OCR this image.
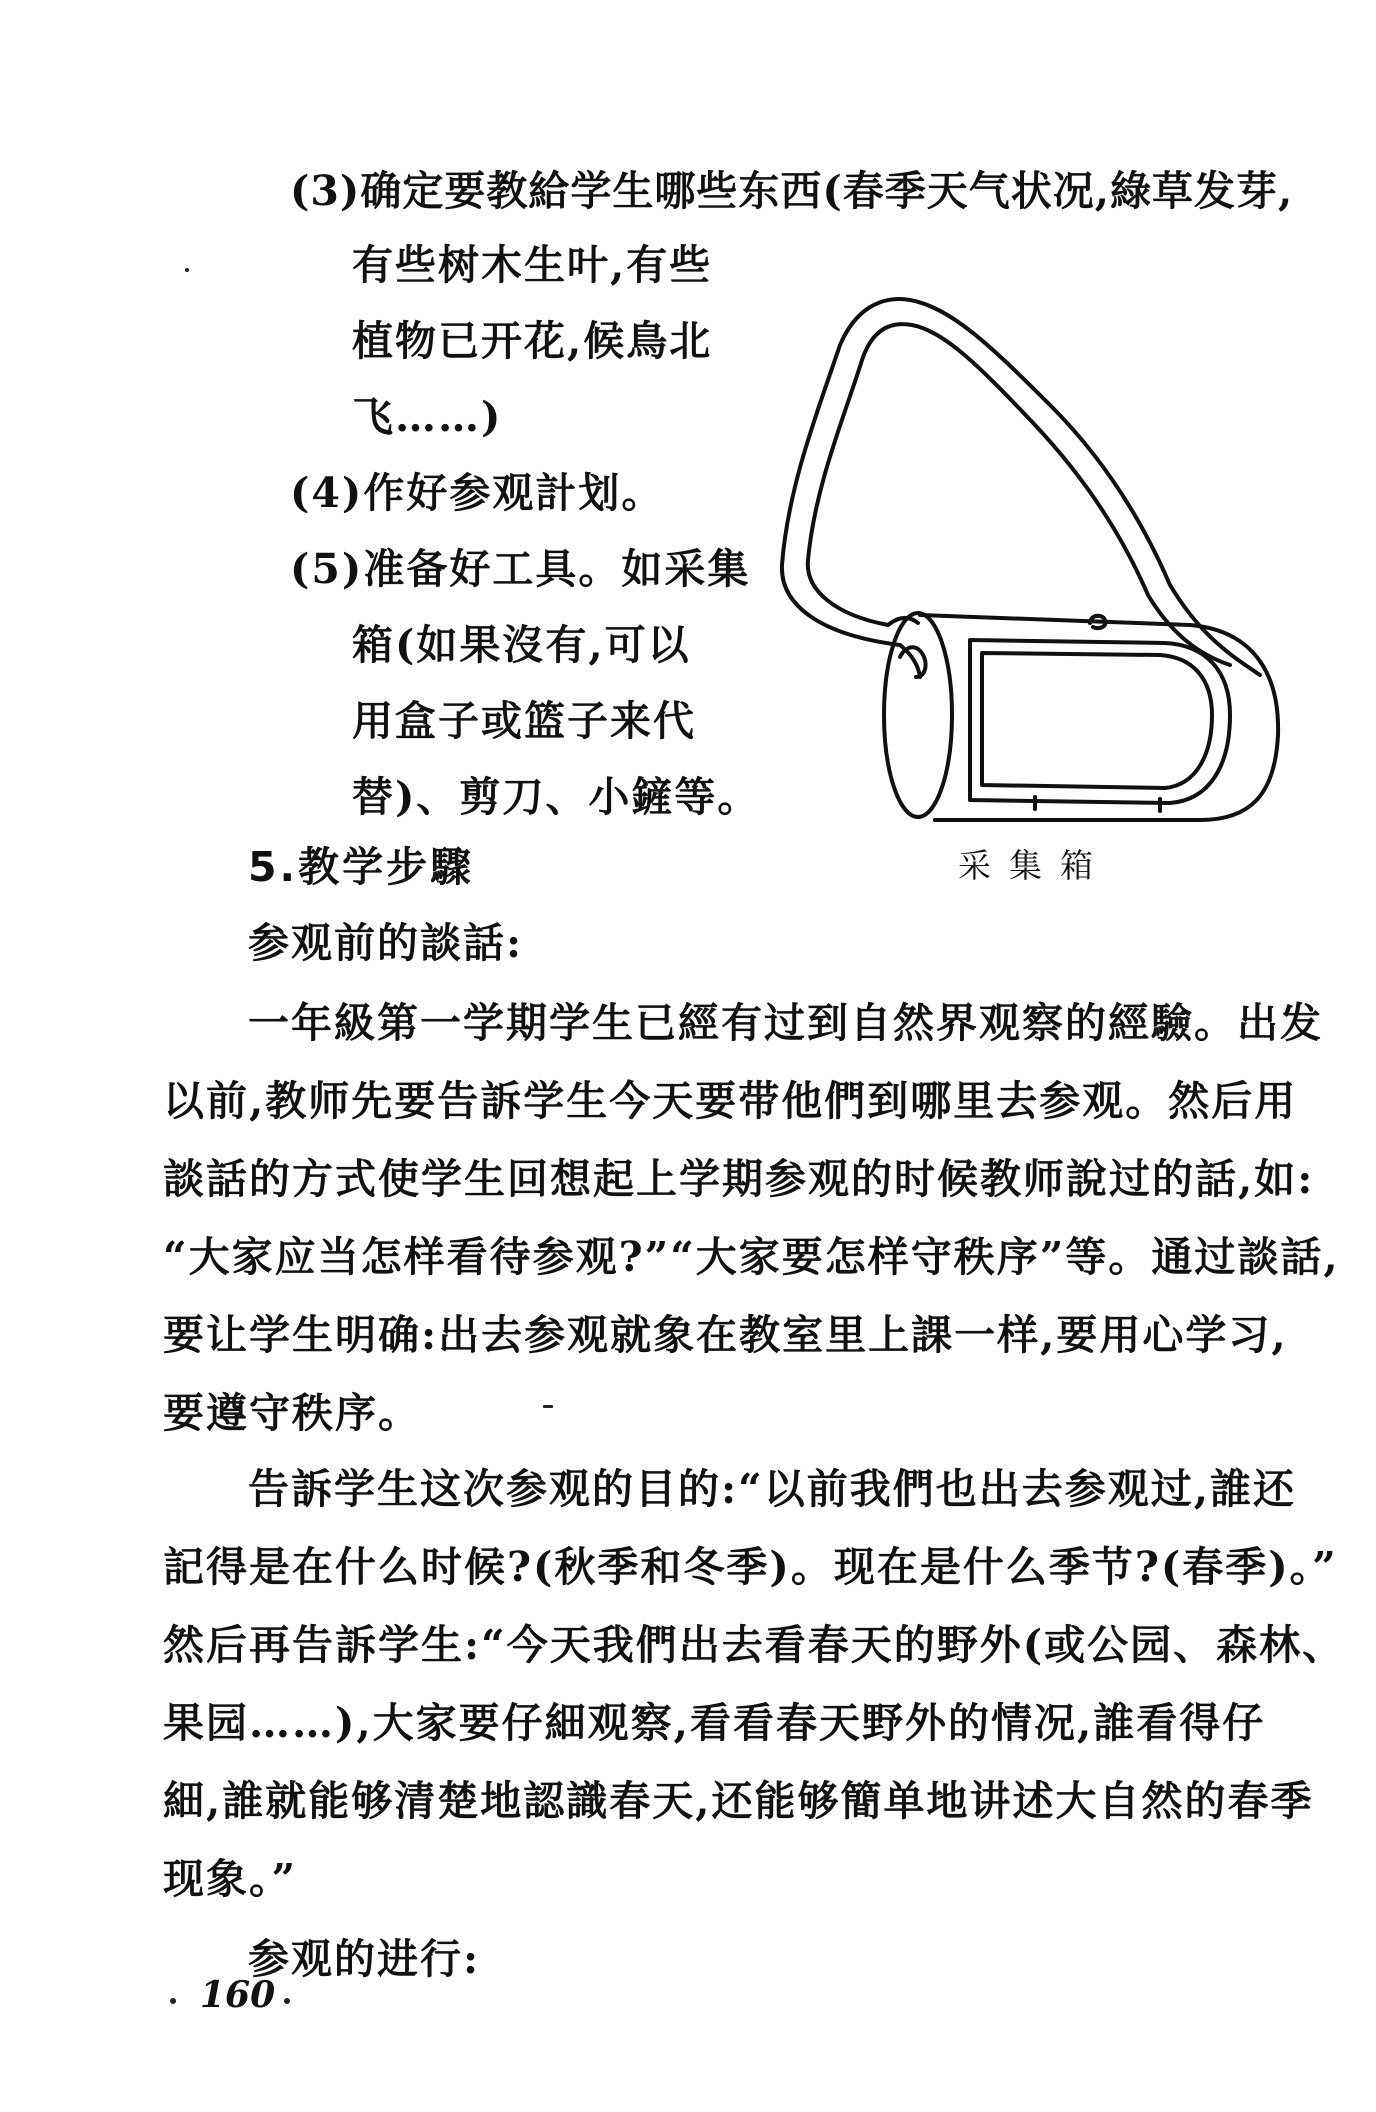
(3)确定要教給学生哪些东西(春季天气状况,綠草发芽,
有些树木生叶,有些
植物已开花,候鳥北
飞……)
(4)作好参观計划。
(5)准备好工具。如采集
箱(如果沒有,可以
用盒子或篮子来代
替)、剪刀、小鏟等。
采集箱
5.教学步驟
参观前的談話:
一年級第一学期学生已經有过到自然界观察的經驗。出发
以前,教师先要告訴学生今天要带他們到哪里去参观。然后用
談話的方式使学生回想起上学期参观的时候教师說过的話,如:
“大家应当怎样看待参观?”“大家要怎样守秩序”等。通过談話,
要让学生明确:出去参观就象在教室里上課一样,要用心学习,
要遵守秩序。
告訴学生这次参观的目的:“以前我們也出去参观过,誰还
記得是在什么时候?(秋季和冬季)。现在是什么季节?(春季)。”
然后再告訴学生:“今天我們出去看春天的野外(或公园、森林、
果园……),大家要仔細观察,看看春天野外的情况,誰看得仔
細,誰就能够清楚地認識春天,还能够簡单地讲述大自然的春季
现象。”
参观的进行:
160
